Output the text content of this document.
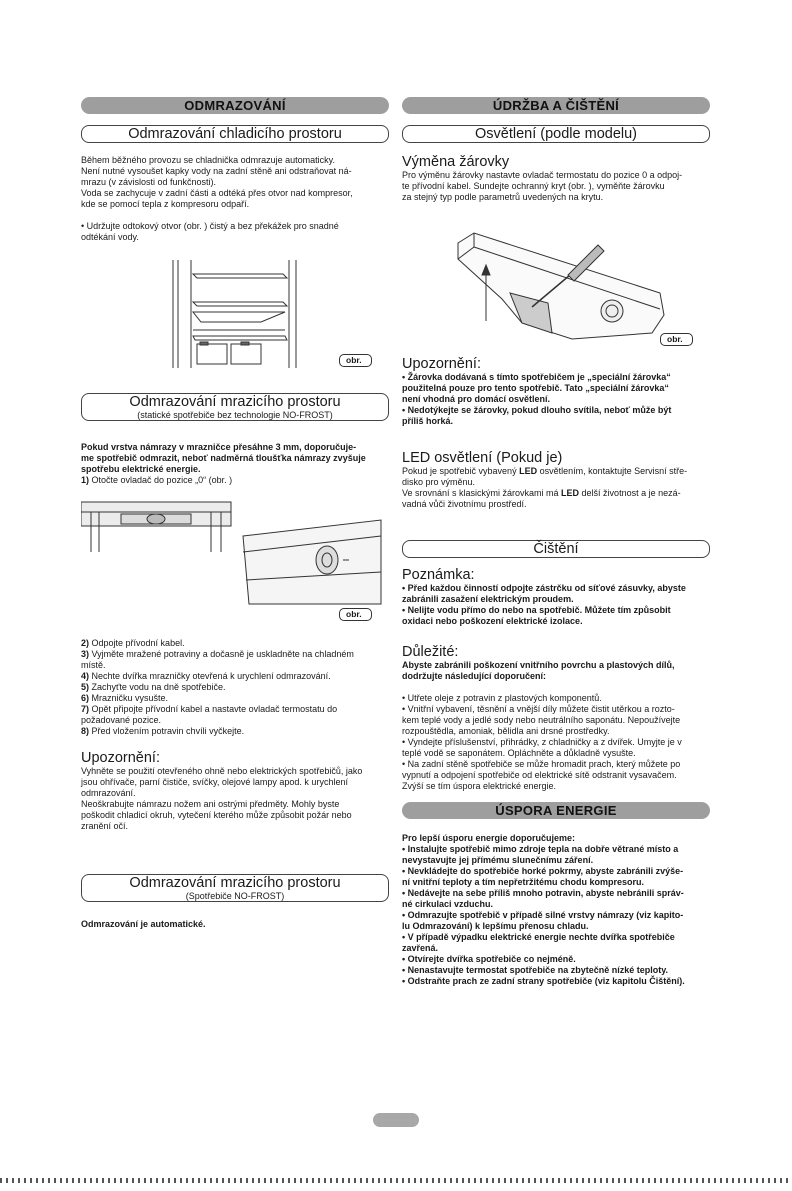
ODMRAZOVÁNÍ
Odmrazování chladicího prostoru

Během běžného provozu se chladnička odmrazuje automaticky.

Není nutné vysoušet kapky vody na zadní stěně ani odstraňovat ná-

mrazu (v závislosti od funkčnosti).

Voda se zachycuje v zadní části a odtéká přes otvor nad kompresor,

kde se pomocí tepla z kompresoru odpaří.

• Udržujte odtokový otvor (obr. ) čistý a bez překážek pro snadné

odtékání vody.

obr.
Odmrazování mrazicího prostoru
(statické spotřebiče bez technologie NO-FROST)

Pokud vrstva námrazy v mrazničce přesáhne 3 mm, doporučuje-

me spotřebič odmrazit, neboť nadměrná tloušťka námrazy zvyšuje

spotřebu elektrické energie.

1) Otočte ovladač do pozice „0“ (obr. )

obr.

2) Odpojte přívodní kabel.

3) Vyjměte mražené potraviny a dočasně je uskladněte na chladném

místě.

4) Nechte dvířka mrazničky otevřená k urychlení odmrazování.

5) Zachyťte vodu na dně spotřebiče.

6) Mrazničku vysušte.

7) Opět připojte přívodní kabel a nastavte ovladač termostatu do

požadované pozice.

8) Před vložením potravin chvíli vyčkejte.

Upozornění:

Vyhněte se použití otevřeného ohně nebo elektrických spotřebičů, jako

jsou ohřívače, parní čističe, svíčky, olejové lampy apod. k urychlení

odmrazování.

Neoškrabujte námrazu nožem ani ostrými předměty. Mohly byste

poškodit chladicí okruh, vytečení kterého může způsobit požár nebo

zranění očí.

Odmrazování mrazicího prostoru
(Spotřebiče NO-FROST)

Odmrazování je automatické.

ÚDRŽBA A ČIŠTĚNÍ
Osvětlení (podle modelu)

Výměna žárovky

Pro výměnu žárovky nastavte ovladač termostatu do pozice 0 a odpoj-

te přívodní kabel. Sundejte ochranný kryt (obr. ), vyměňte žárovku

za stejný typ podle parametrů uvedených na krytu.

obr.

Upozornění:

• Žárovka dodávaná s tímto spotřebičem je „speciální žárovka“

použitelná pouze pro tento spotřebič. Tato „speciální žárovka“

není vhodná pro domácí osvětlení.

• Nedotýkejte se žárovky, pokud dlouho svítila, neboť může být

příliš horká.

LED osvětlení (Pokud je)

Pokud je spotřebič vybavený LED osvětlením, kontaktujte Servisní stře-

disko pro výměnu.

Ve srovnání s klasickými žárovkami má LED delší životnost a je nezá-

vadná vůči životnímu prostředí.

Čištění

Poznámka:

• Před každou činností odpojte zástrčku od síťové zásuvky, abyste

zabránili zasažení elektrickým proudem.

• Nelijte vodu přímo do nebo na spotřebič. Můžete tím způsobit

oxidaci nebo poškození elektrické izolace.

Důležité:

Abyste zabránili poškození vnitřního povrchu a plastových dílů,

dodržujte následující doporučení:

• Utřete oleje z potravin z plastových komponentů.

• Vnitřní vybavení, těsnění a vnější díly můžete čistit utěrkou a rozto-

kem teplé vody a jedlé sody nebo neutrálního saponátu. Nepoužívejte

rozpouštědla, amoniak, bělidla ani drsné prostředky.

• Vyndejte příslušenství, přihrádky, z chladničky a z dvířek. Umyjte je v

teplé vodě se saponátem. Opláchněte a důkladně vysušte.

• Na zadní stěně spotřebiče se může hromadit prach, který můžete po

vypnutí a odpojení spotřebiče od elektrické sítě odstranit vysavačem.

Zvýší se tím úspora elektrické energie.

ÚSPORA ENERGIE

Pro lepší úsporu energie doporučujeme:

• Instalujte spotřebič mimo zdroje tepla na dobře větrané místo a

nevystavujte jej přímému slunečnímu záření.

• Nevkládejte do spotřebiče horké pokrmy, abyste zabránili zvýše-

ní vnitřní teploty a tím nepřetržitému chodu kompresoru.

• Nedávejte na sebe příliš mnoho potravin, abyste nebránili správ-

né cirkulaci vzduchu.

• Odmrazujte spotřebič v případě silné vrstvy námrazy (viz kapito-

lu Odmrazování) k lepšímu přenosu chladu.

• V případě výpadku elektrické energie nechte dvířka spotřebiče

zavřená.

• Otvírejte dvířka spotřebiče co nejméně.

• Nenastavujte termostat spotřebiče na zbytečně nízké teploty.

• Odstraňte prach ze zadní strany spotřebiče (viz kapitolu Čištění).
